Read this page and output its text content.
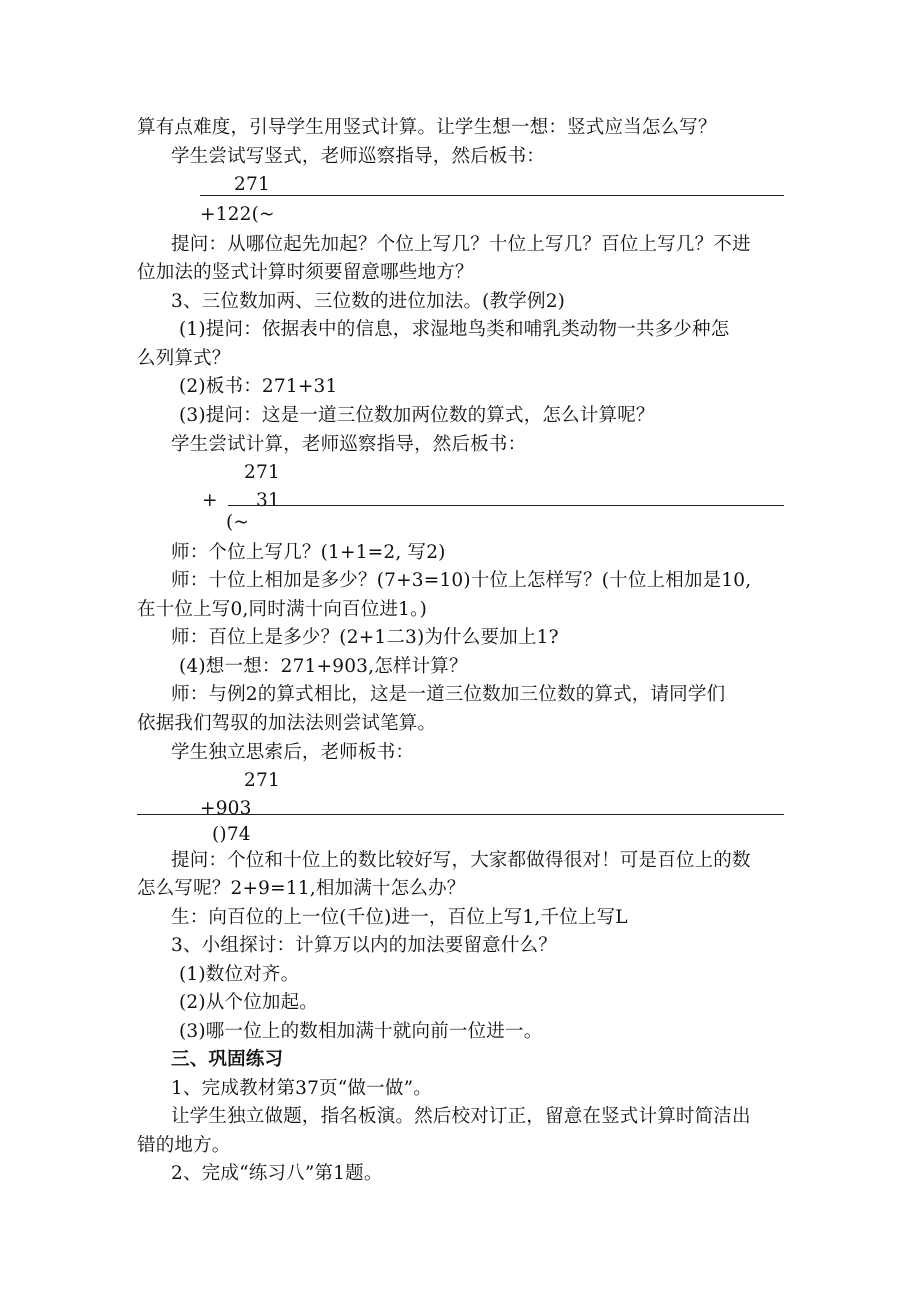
算有点难度，引导学生用竖式计算。让学生想一想：竖式应当怎么写？
学生尝试写竖式，老师巡察指导，然后板书：
271
+122(~
提问：从哪位起先加起？个位上写几？十位上写几？百位上写几？不进
位加法的竖式计算时须要留意哪些地方？
3、三位数加两、三位数的进位加法。(教学例2)
(1)提问：依据表中的信息，求湿地鸟类和哺乳类动物一共多少种怎
么列算式？
(2)板书：271+31
(3)提问：这是一道三位数加两位数的算式，怎么计算呢？
学生尝试计算，老师巡察指导，然后板书：
271
+ 31
(~
师：个位上写几？(1+1=2, 写2)
师：十位上相加是多少？(7+3=10)十位上怎样写？(十位上相加是10,
在十位上写0,同时满十向百位进1。)
师：百位上是多少？(2+1二3)为什么要加上1?
(4)想一想：271+903,怎样计算？
师：与例2的算式相比，这是一道三位数加三位数的算式，请同学们
依据我们驾驭的加法法则尝试笔算。
学生独立思索后，老师板书：
271
+903
()74
提问：个位和十位上的数比较好写，大家都做得很对！可是百位上的数
怎么写呢？2+9=11,相加满十怎么办？
生：向百位的上一位(千位)进一，百位上写1,千位上写L
3、小组探讨：计算万以内的加法要留意什么？
(1)数位对齐。
(2)从个位加起。
(3)哪一位上的数相加满十就向前一位进一。
三、巩固练习
1、完成教材第37页“做一做”。
让学生独立做题，指名板演。然后校对订正，留意在竖式计算时简洁出
错的地方。
2、完成“练习八”第1题。
